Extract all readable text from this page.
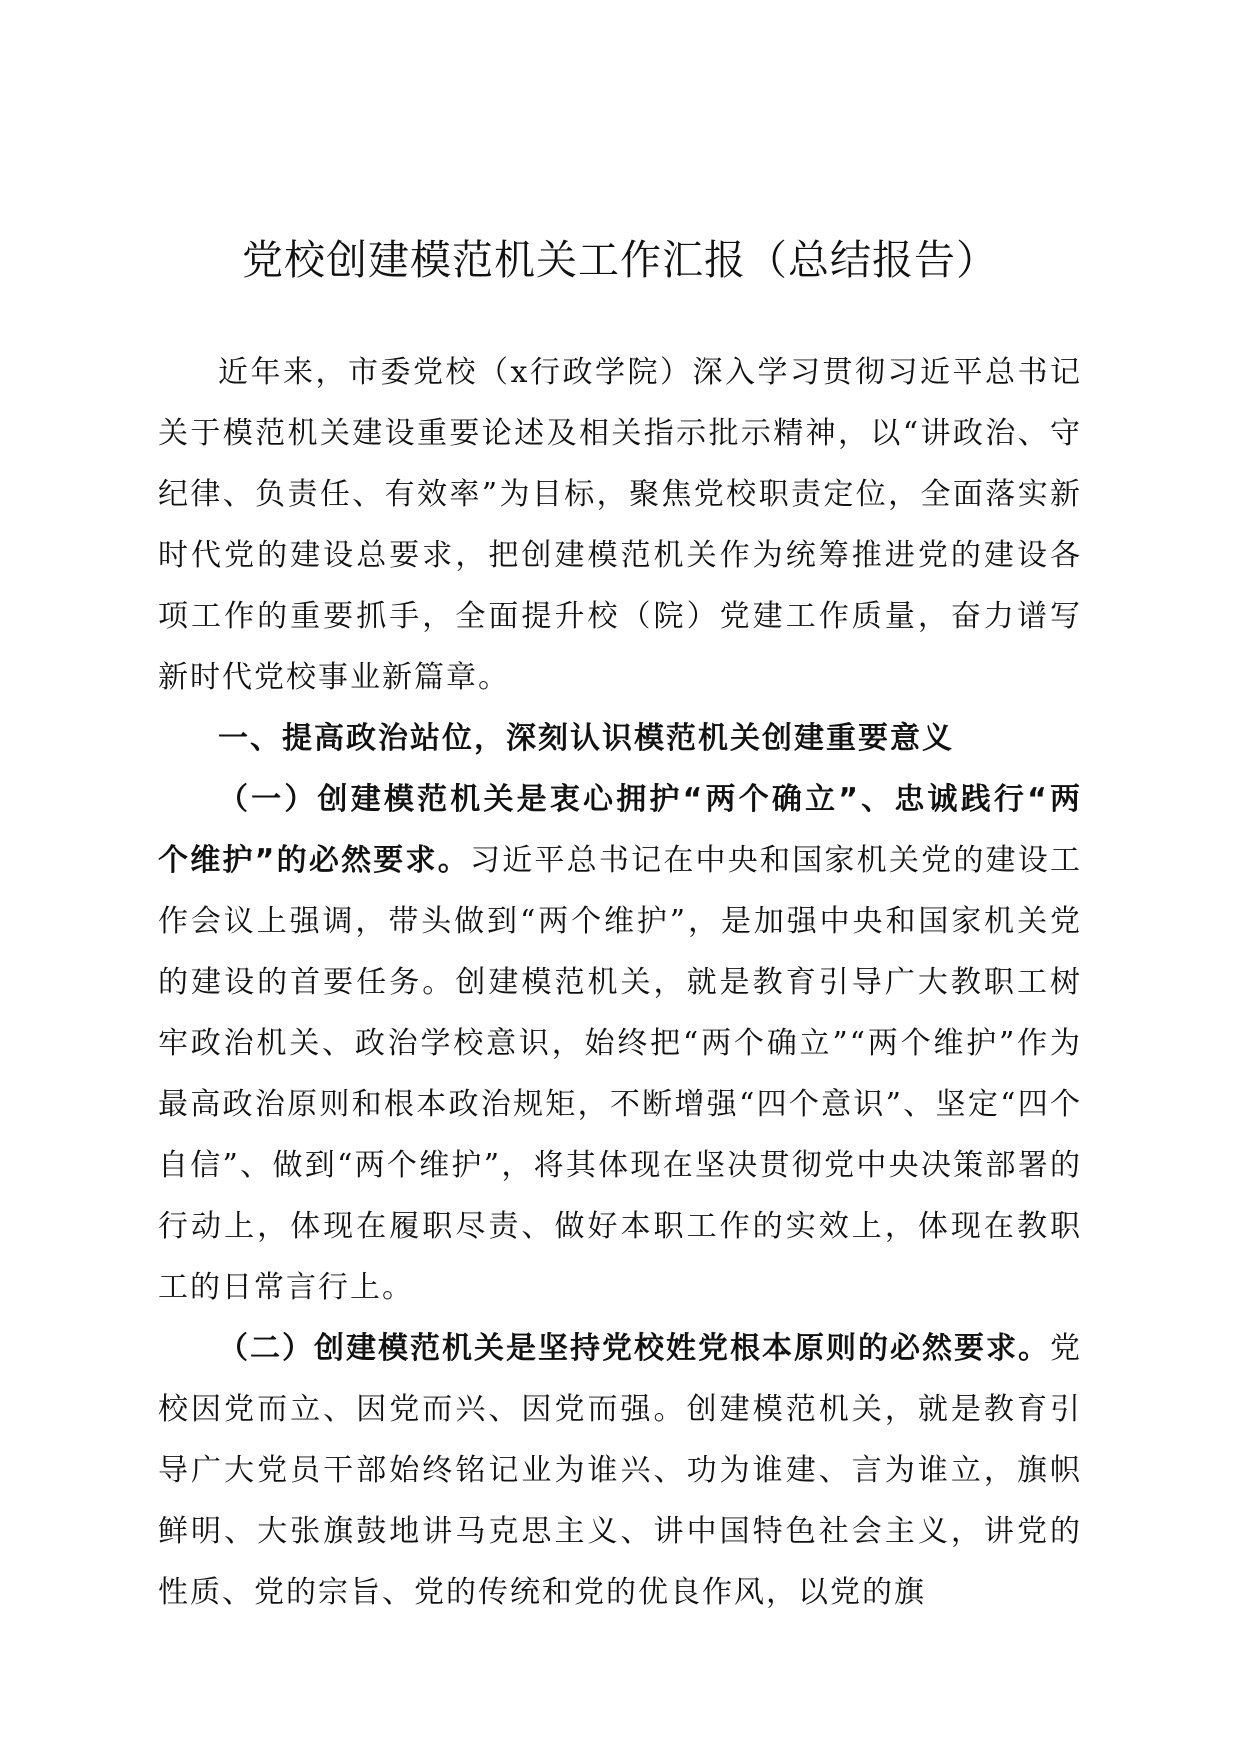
党校创建模范机关工作汇报（总结报告）

近年来，市委党校（x行政学院）深入学习贯彻习近平总书记关于模范机关建设重要论述及相关指示批示精神，以“讲政治、守纪律、负责任、有效率”为目标，聚焦党校职责定位，全面落实新时代党的建设总要求，把创建模范机关作为统筹推进党的建设各项工作的重要抓手，全面提升校（院）党建工作质量，奋力谱写新时代党校事业新篇章。

一、提高政治站位，深刻认识模范机关创建重要意义

（一）创建模范机关是衷心拥护“两个确立”、忠诚践行“两个维护”的必然要求。习近平总书记在中央和国家机关党的建设工作会议上强调，带头做到“两个维护”，是加强中央和国家机关党的建设的首要任务。创建模范机关，就是教育引导广大教职工树牢政治机关、政治学校意识，始终把“两个确立”“两个维护”作为最高政治原则和根本政治规矩，不断增强“四个意识”、坚定“四个自信”、做到“两个维护”，将其体现在坚决贯彻党中央决策部署的行动上，体现在履职尽责、做好本职工作的实效上，体现在教职工的日常言行上。

（二）创建模范机关是坚持党校姓党根本原则的必然要求。党校因党而立、因党而兴、因党而强。创建模范机关，就是教育引导广大党员干部始终铭记业为谁兴、功为谁建、言为谁立，旗帜鲜明、大张旗鼓地讲马克思主义、讲中国特色社会主义，讲党的性质、党的宗旨、党的传统和党的优良作风，以党的旗
